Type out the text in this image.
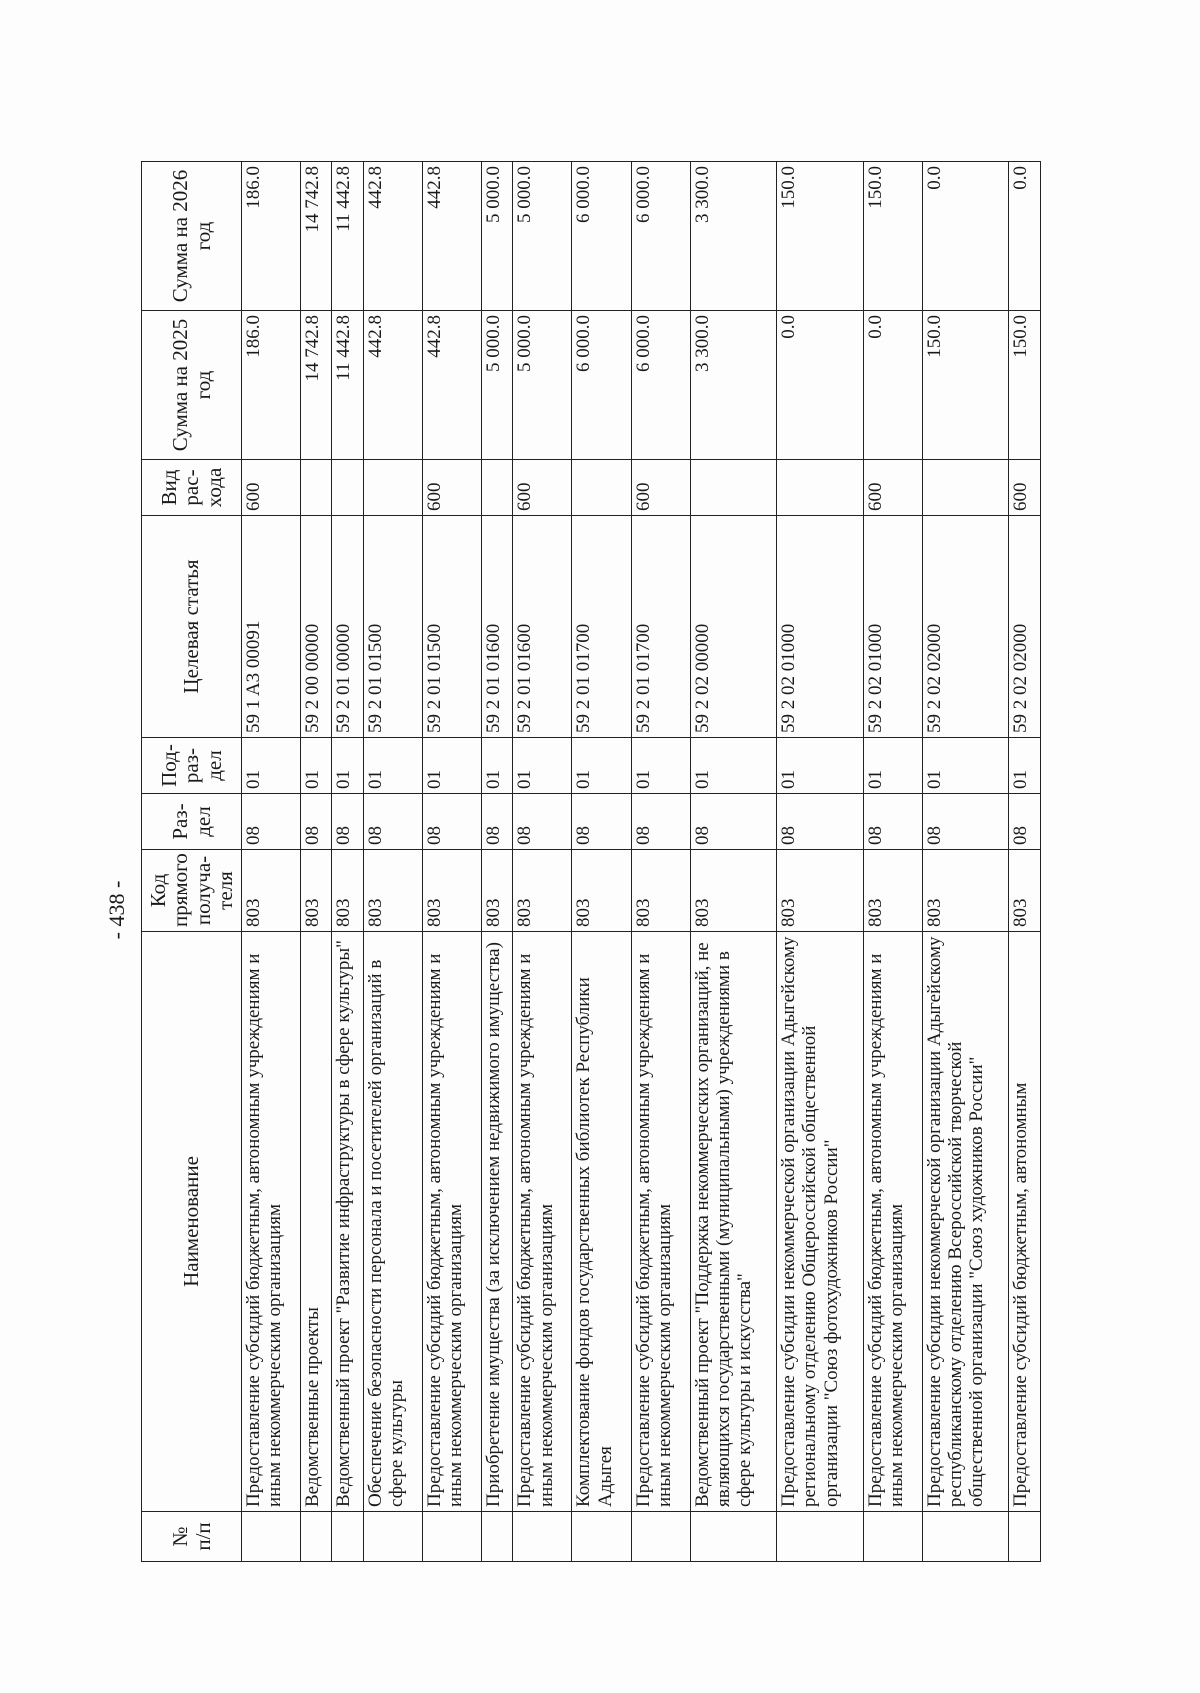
- 438 -
№ п/п	Наименование	Код прямого получа-теля	Раз-дел	Под-раз-дел	Целевая статья	Вид рас-хода	Сумма на 2025 год	Сумма на 2026 год
	Предоставление субсидий бюджетным, автономным учреждениям и иным некоммерческим организациям	803	08	01	59 1 A3 00091	600	186.0	186.0
	Ведомственные проекты	803	08	01	59 2 00 00000		14 742.8	14 742.8
	Ведомственный проект "Развитие инфраструктуры в сфере культуры"	803	08	01	59 2 01 00000		11 442.8	11 442.8
	Обеспечение безопасности персонала и посетителей организаций в сфере культуры	803	08	01	59 2 01 01500		442.8	442.8
	Предоставление субсидий бюджетным, автономным учреждениям и иным некоммерческим организациям	803	08	01	59 2 01 01500	600	442.8	442.8
	Приобретение имущества (за исключением недвижимого имущества)	803	08	01	59 2 01 01600		5 000.0	5 000.0
	Предоставление субсидий бюджетным, автономным учреждениям и иным некоммерческим организациям	803	08	01	59 2 01 01600	600	5 000.0	5 000.0
	Комплектование фондов государственных библиотек Республики Адыгея	803	08	01	59 2 01 01700		6 000.0	6 000.0
	Предоставление субсидий бюджетным, автономным учреждениям и иным некоммерческим организациям	803	08	01	59 2 01 01700	600	6 000.0	6 000.0
	Ведомственный проект "Поддержка некоммерческих организаций, не являющихся государственными (муниципальными) учреждениями в сфере культуры и искусства"	803	08	01	59 2 02 00000		3 300.0	3 300.0
	Предоставление субсидии некоммерческой организации Адыгейскому региональному отделению Общероссийской общественной организации "Союз фотохудожников России"	803	08	01	59 2 02 01000		0.0	150.0
	Предоставление субсидий бюджетным, автономным учреждениям и иным некоммерческим организациям	803	08	01	59 2 02 01000	600	0.0	150.0
	Предоставление субсидии некоммерческой организации Адыгейскому республиканскому отделению Всероссийской творческой общественной организации "Союз художников России"	803	08	01	59 2 02 02000		150.0	0.0
	Предоставление субсидий бюджетным, автономным	803	08	01	59 2 02 02000	600	150.0	0.0
